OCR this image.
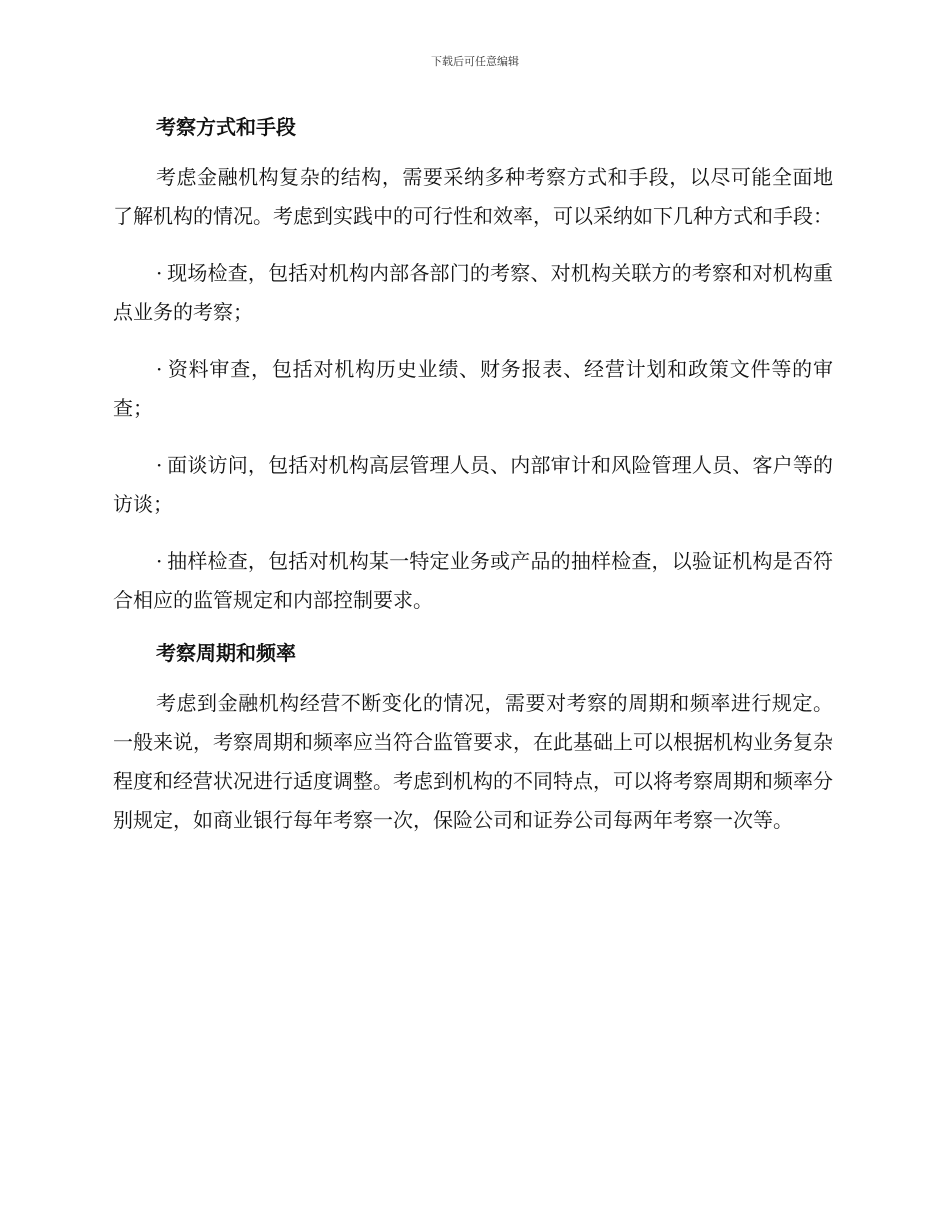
下载后可任意编辑
考察方式和手段

考虑金融机构复杂的结构，需要采纳多种考察方式和手段，以尽可能全面地了解机构的情况。考虑到实践中的可行性和效率，可以采纳如下几种方式和手段：

· 现场检查，包括对机构内部各部门的考察、对机构关联方的考察和对机构重点业务的考察；

· 资料审查，包括对机构历史业绩、财务报表、经营计划和政策文件等的审查；

· 面谈访问，包括对机构高层管理人员、内部审计和风险管理人员、客户等的访谈；

· 抽样检查，包括对机构某一特定业务或产品的抽样检查，以验证机构是否符合相应的监管规定和内部控制要求。

考察周期和频率

考虑到金融机构经营不断变化的情况，需要对考察的周期和频率进行规定。一般来说，考察周期和频率应当符合监管要求，在此基础上可以根据机构业务复杂程度和经营状况进行适度调整。考虑到机构的不同特点，可以将考察周期和频率分别规定，如商业银行每年考察一次，保险公司和证券公司每两年考察一次等。
